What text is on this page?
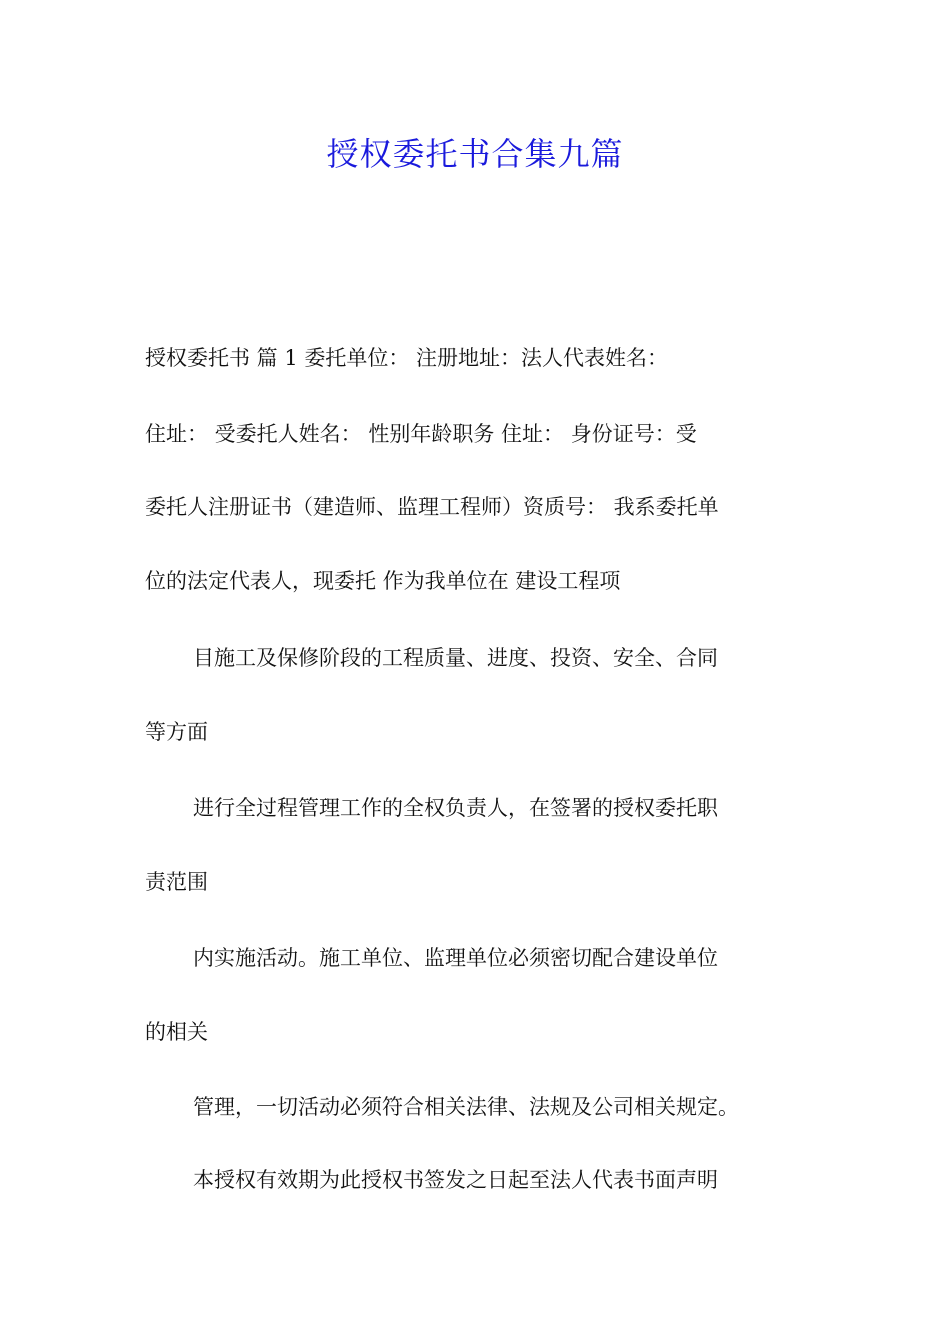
授权委托书合集九篇
授权委托书 篇 1 委托单位： 注册地址：法人代表姓名：
住址： 受委托人姓名： 性别年龄职务 住址： 身份证号：受
委托人注册证书（建造师、监理工程师）资质号： 我系委托单
位的法定代表人，现委托 作为我单位在 建设工程项
目施工及保修阶段的工程质量、进度、投资、安全、合同
等方面
进行全过程管理工作的全权负责人，在签署的授权委托职
责范围
内实施活动。施工单位、监理单位必须密切配合建设单位
的相关
管理，一切活动必须符合相关法律、法规及公司相关规定。
本授权有效期为此授权书签发之日起至法人代表书面声明
